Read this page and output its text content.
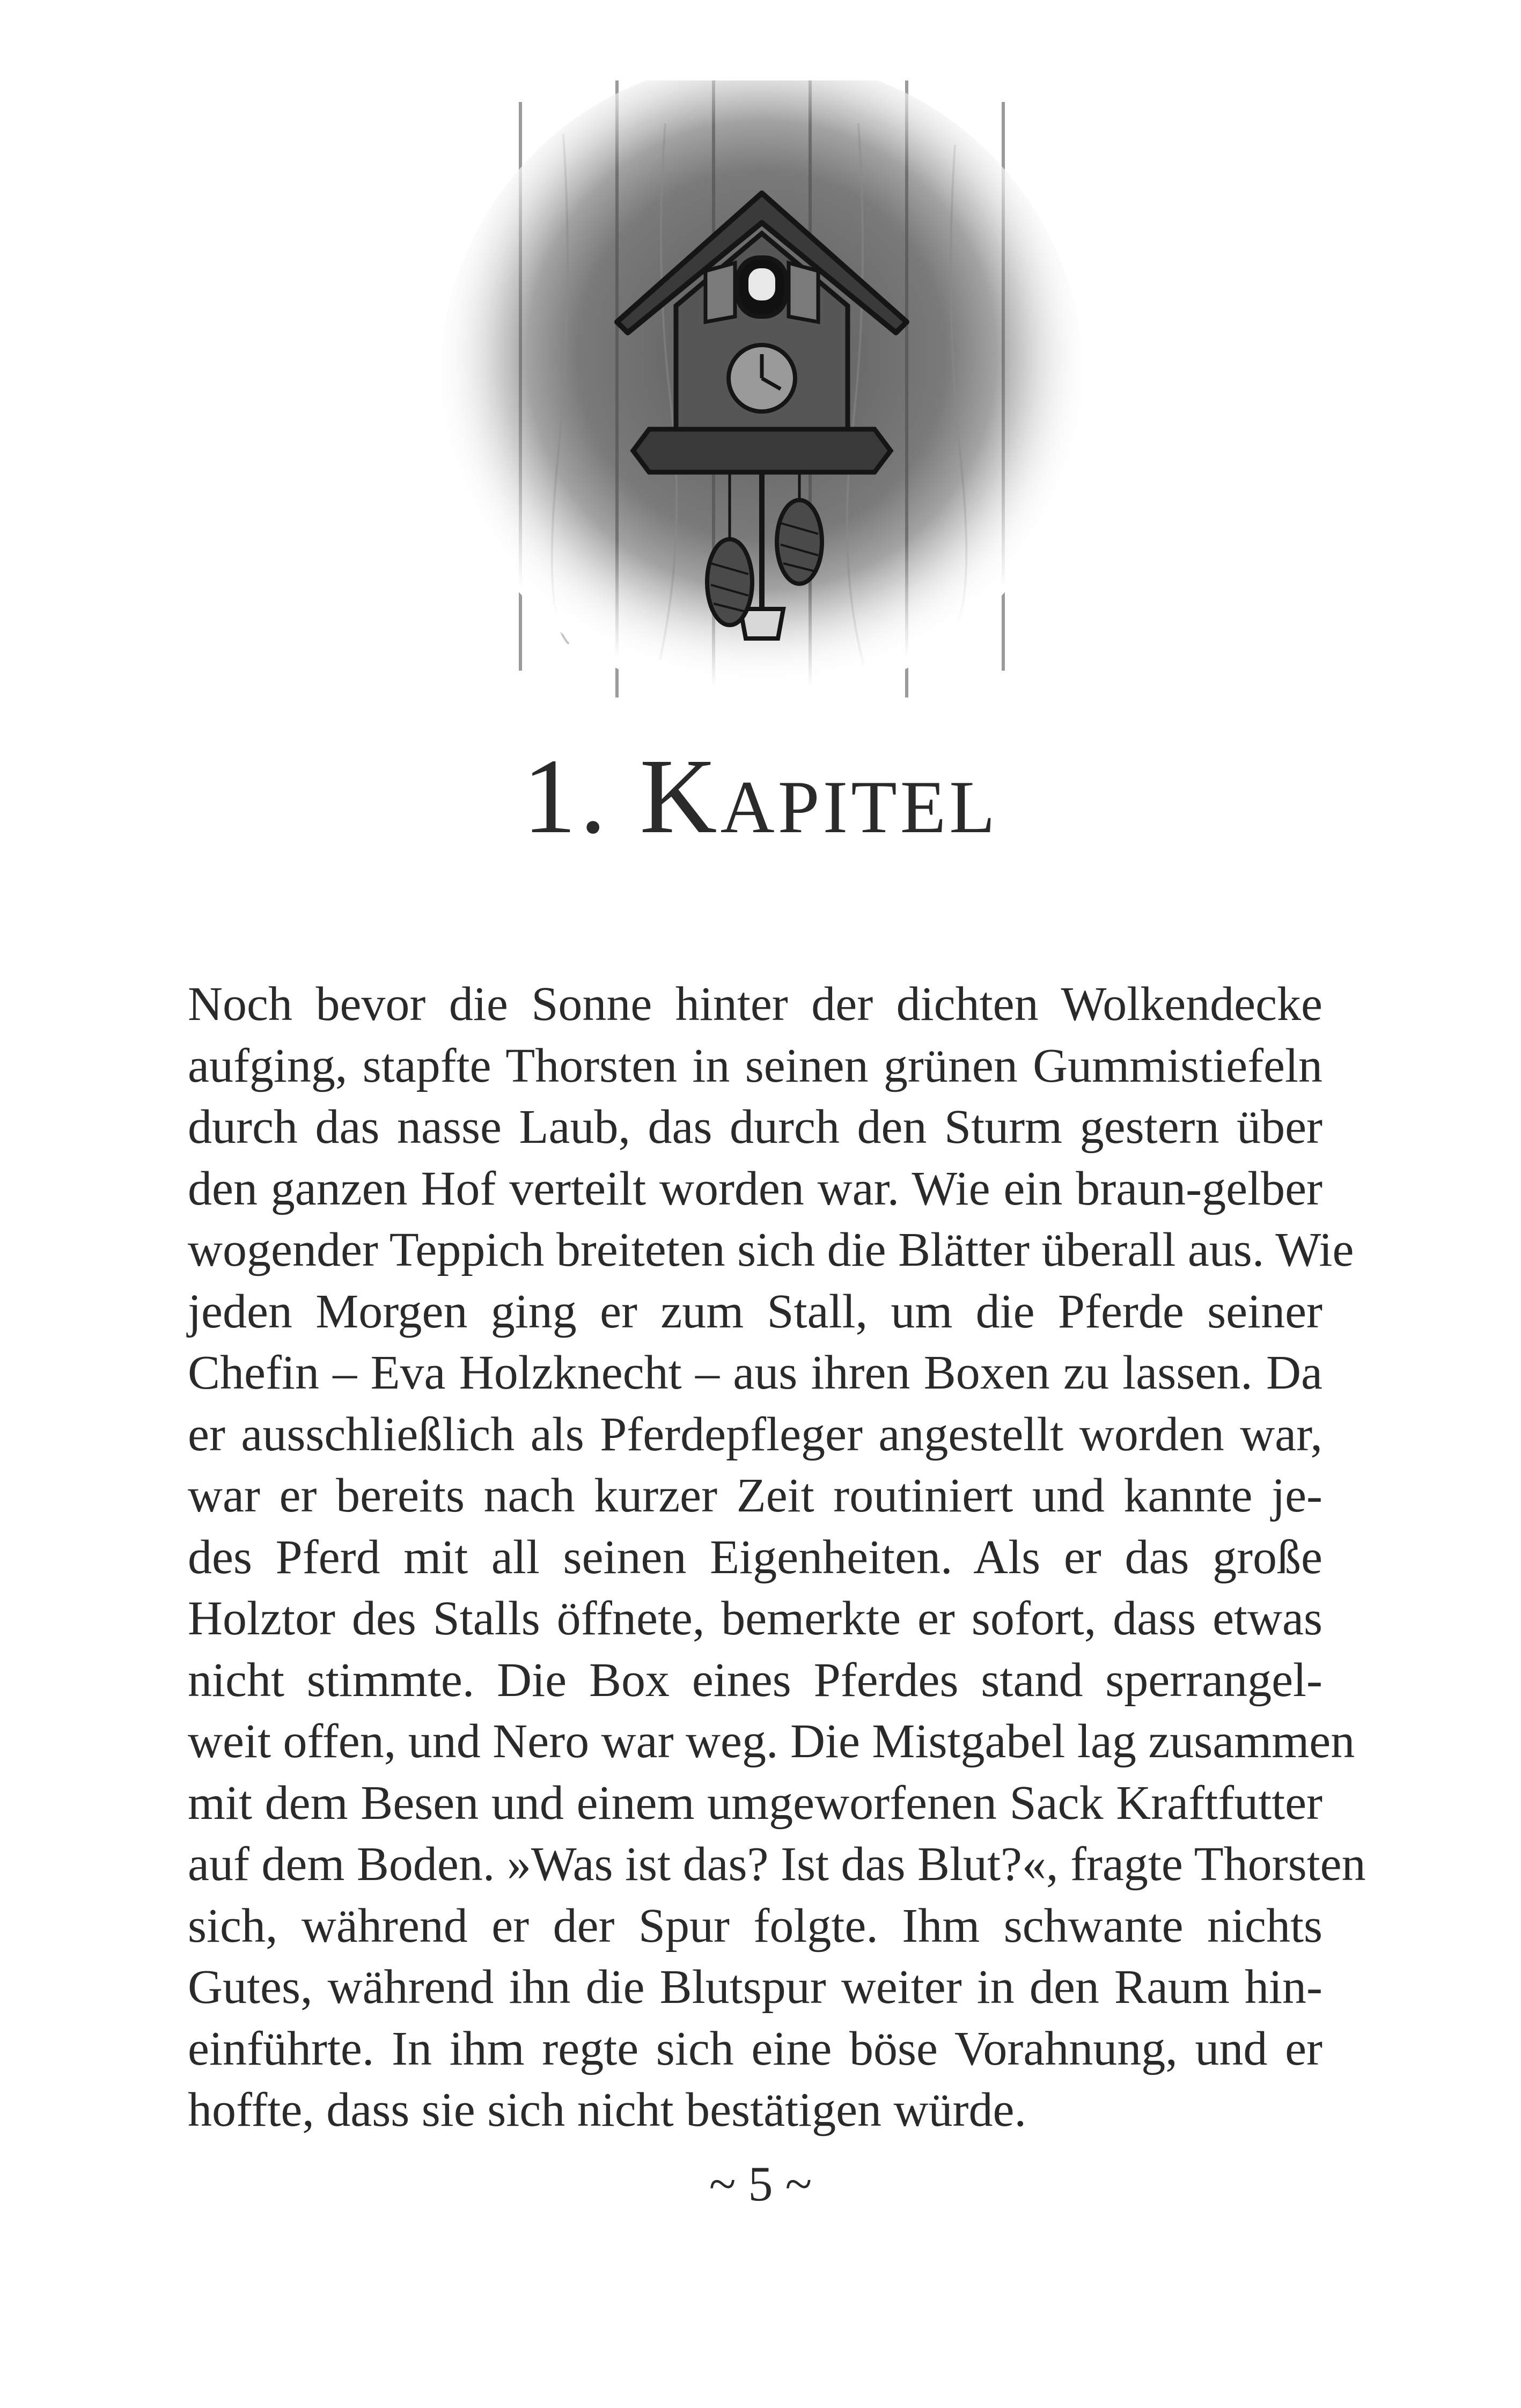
1. Kapitel

Noch bevor die Sonne hinter der dichten Wolkendecke
aufging, stapfte Thorsten in seinen grünen Gummistiefeln
durch das nasse Laub, das durch den Sturm gestern über
den ganzen Hof verteilt worden war. Wie ein braun-gelber
wogender Teppich breiteten sich die Blätter überall aus. Wie
jeden Morgen ging er zum Stall, um die Pferde seiner
Chefin – Eva Holzknecht – aus ihren Boxen zu lassen. Da
er ausschließlich als Pferdepfleger angestellt worden war,
war er bereits nach kurzer Zeit routiniert und kannte je-
des Pferd mit all seinen Eigenheiten. Als er das große
Holztor des Stalls öffnete, bemerkte er sofort, dass etwas
nicht stimmte. Die Box eines Pferdes stand sperrangel-
weit offen, und Nero war weg. Die Mistgabel lag zusammen
mit dem Besen und einem umgeworfenen Sack Kraftfutter
auf dem Boden. »Was ist das? Ist das Blut?«, fragte Thorsten
sich, während er der Spur folgte. Ihm schwante nichts
Gutes, während ihn die Blutspur weiter in den Raum hin-
einführte. In ihm regte sich eine böse Vorahnung, und er
hoffte, dass sie sich nicht bestätigen würde.

~ 5 ~
